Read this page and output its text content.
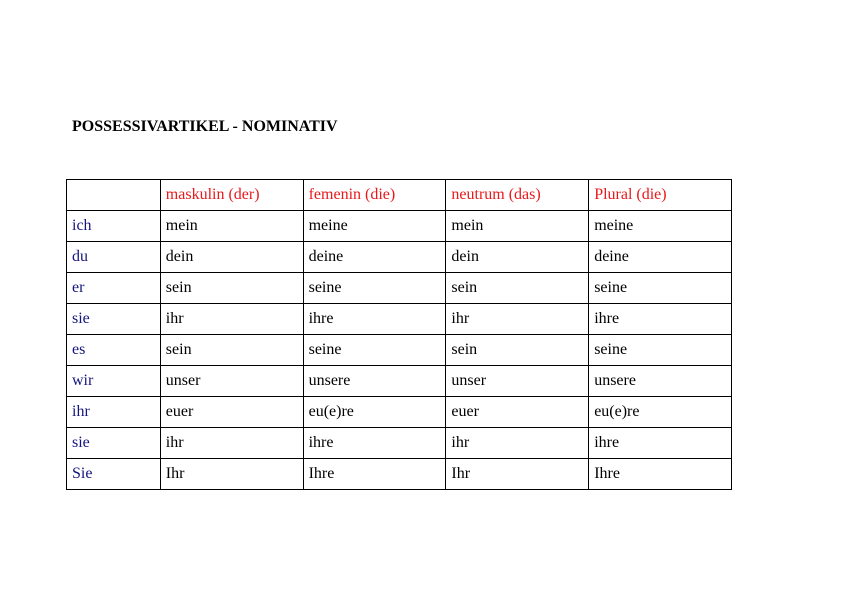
POSSESSIVARTIKEL - NOMINATIV
	maskulin (der)	femenin (die)	neutrum (das)	Plural (die)
ich	mein	meine	mein	meine
du	dein	deine	dein	deine
er	sein	seine	sein	seine
sie	ihr	ihre	ihr	ihre
es	sein	seine	sein	seine
wir	unser	unsere	unser	unsere
ihr	euer	eu(e)re	euer	eu(e)re
sie	ihr	ihre	ihr	ihre
Sie	Ihr	Ihre	Ihr	Ihre
